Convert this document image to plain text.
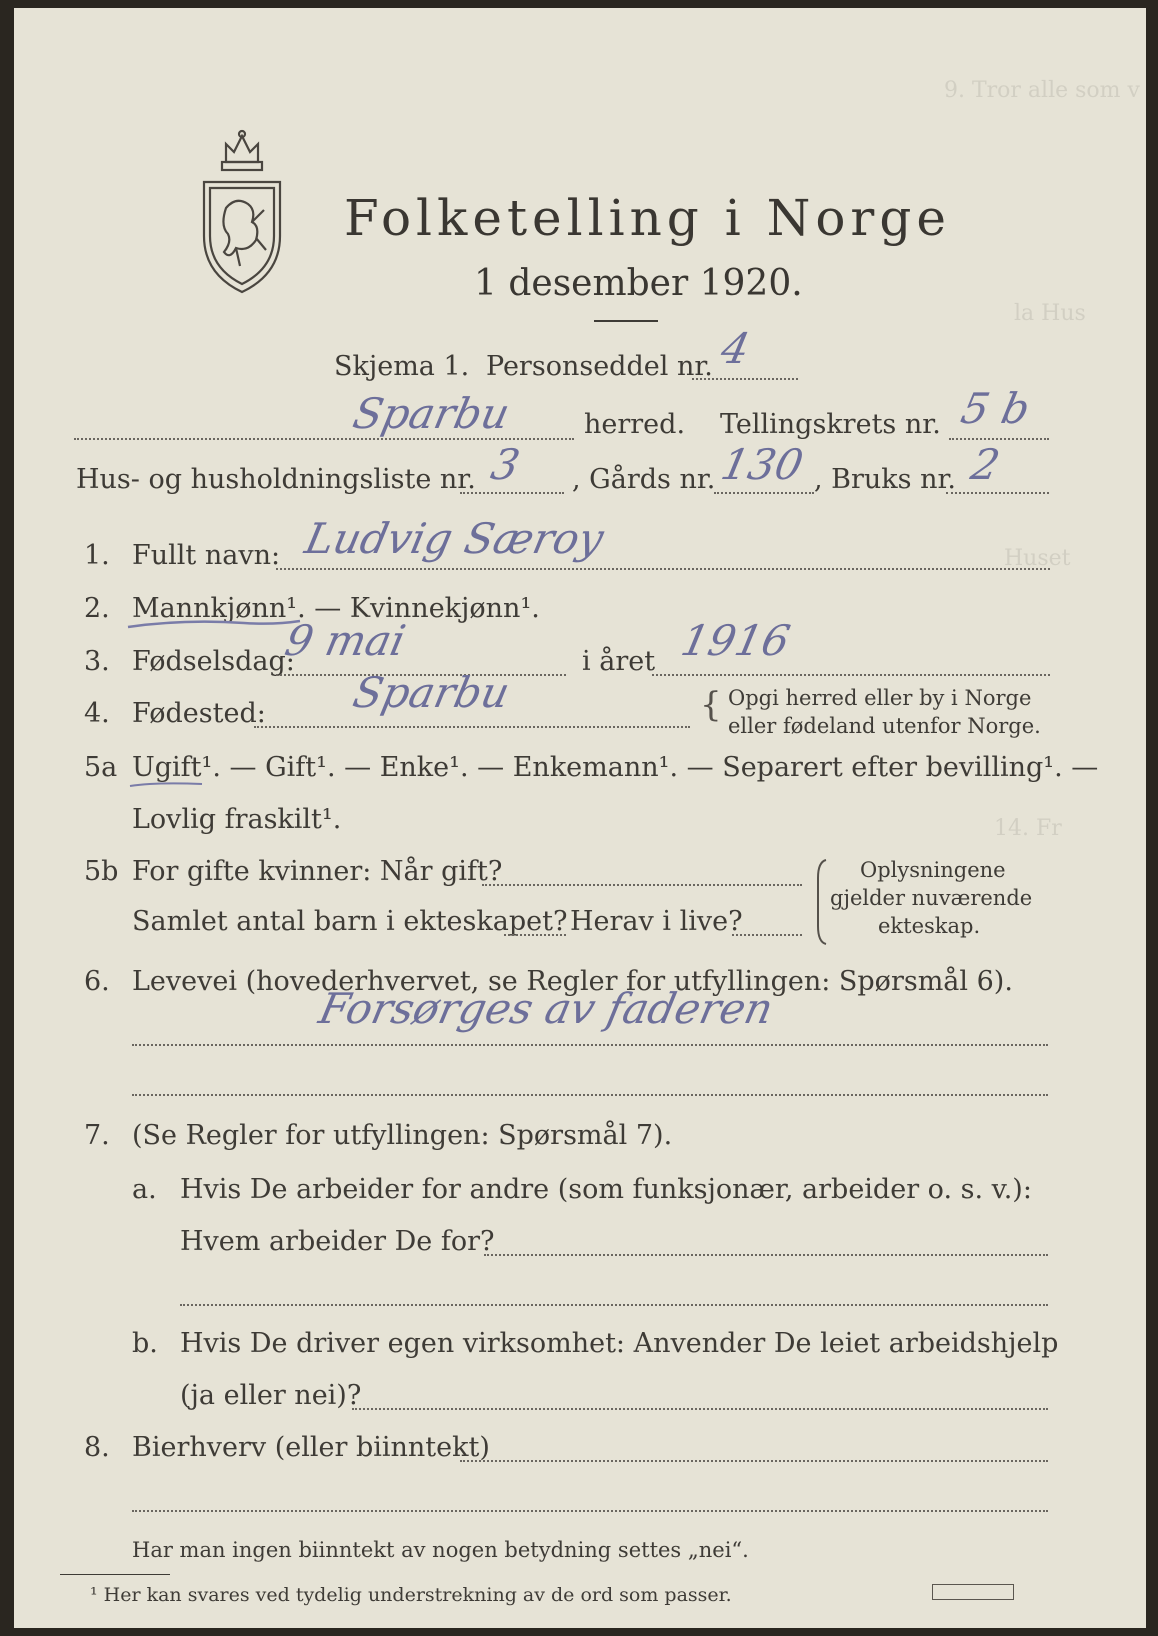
9. Tror alle som v
la Hus
Huset
14. Fr
Folketelling i Norge
1 desember 1920.
Skjema 1. Personseddel nr. 4
Sparbu	herred. Tellingskrets nr. 5 b
Hus- og husholdningsliste nr. 3 , Gårds nr. 130 , Bruks nr. 2
1. Fullt navn: Ludvig Særoy
2. Mannkjønn¹. — Kvinnekjønn¹.
3. Fødselsdag:
9 mai	i året 1916
4. Fødested: Sparbu	{ Opgi herred eller by i Norge
eller fødeland utenfor Norge.
5a Ugift¹. — Gift¹. — Enke¹. — Enkemann¹. — Separert efter bevilling¹. —
Lovlig fraskilt¹.
5b For gifte kvinner: Når gift?
Samlet antal barn i ekteskapet? Herav i live?
Oplysningene
gjelder nuværende
ekteskap.
6. Levevei (hovederhvervet, se Regler for utfyllingen: Spørsmål 6).
Forsørges av faderen
7. (Se Regler for utfyllingen: Spørsmål 7).
a. Hvis De arbeider for andre (som funksjonær, arbeider o. s. v.):
Hvem arbeider De for?
b. Hvis De driver egen virksomhet: Anvender De leiet arbeidshjelp
(ja eller nei)?
8. Bierhverv (eller biinntekt)
Har man ingen biinntekt av nogen betydning settes „nei“.
¹ Her kan svares ved tydelig understrekning av de ord som passer.
